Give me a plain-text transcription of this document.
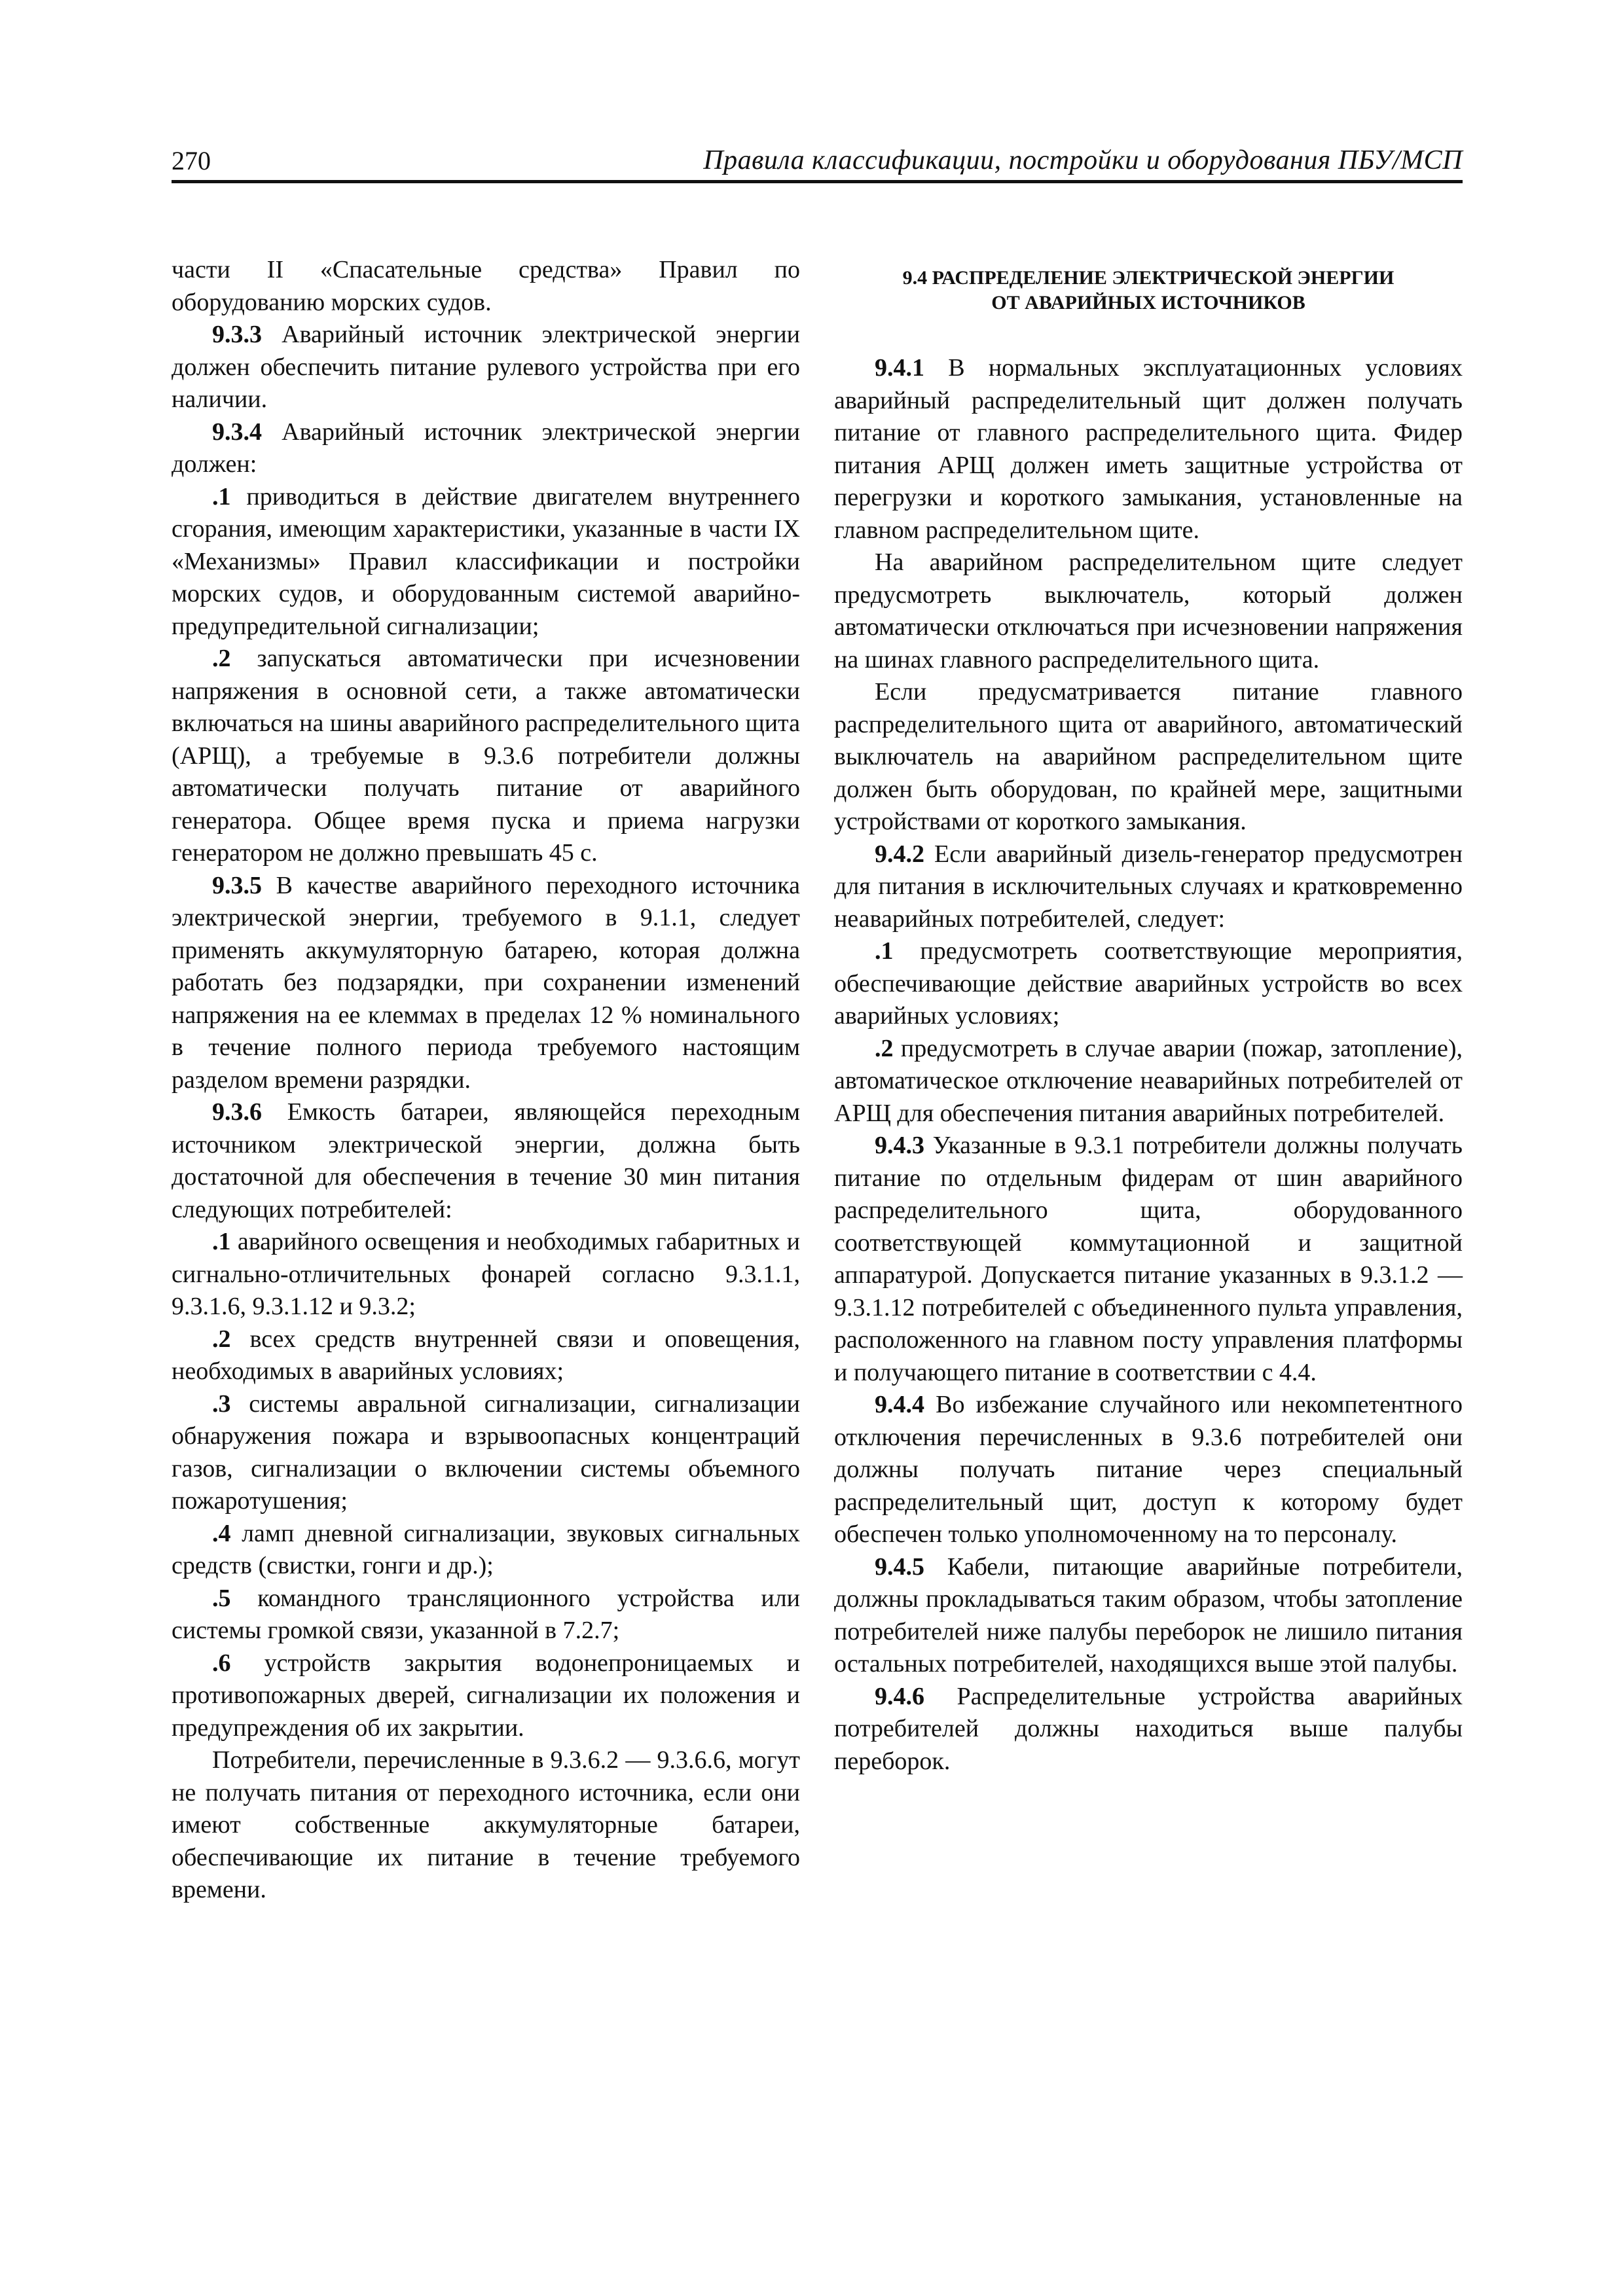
270	Правила классификации, постройки и оборудования ПБУ/МСП

части II «Спасательные средства» Правил по оборудованию морских судов.

9.3.3 Аварийный источник электрической энергии должен обеспечить питание рулевого устройства при его наличии.

9.3.4 Аварийный источник электрической энергии должен:

.1 приводиться в действие двигателем внутреннего сгорания, имеющим характеристики, указанные в части IX «Механизмы» Правил классификации и постройки морских судов, и оборудованным системой аварийно-предупредительной сигнализации;

.2 запускаться автоматически при исчезновении напряжения в основной сети, а также автоматически включаться на шины аварийного распределительного щита (АРЩ), а требуемые в 9.3.6 потребители должны автоматически получать питание от аварийного генератора. Общее время пуска и приема нагрузки генератором не должно превышать 45 с.

9.3.5 В качестве аварийного переходного источника электрической энергии, требуемого в 9.1.1, следует применять аккумуляторную батарею, которая должна работать без подзарядки, при сохранении изменений напряжения на ее клеммах в пределах 12 % номинального в течение полного периода требуемого настоящим разделом времени разрядки.

9.3.6 Емкость батареи, являющейся переходным источником электрической энергии, должна быть достаточной для обеспечения в течение 30 мин питания следующих потребителей:

.1 аварийного освещения и необходимых габаритных и сигнально-отличительных фонарей согласно 9.3.1.1, 9.3.1.6, 9.3.1.12 и 9.3.2;

.2 всех средств внутренней связи и оповещения, необходимых в аварийных условиях;

.3 системы авральной сигнализации, сигнализации обнаружения пожара и взрывоопасных концентраций газов, сигнализации о включении системы объемного пожаротушения;

.4 ламп дневной сигнализации, звуковых сигнальных средств (свистки, гонги и др.);

.5 командного трансляционного устройства или системы громкой связи, указанной в 7.2.7;

.6 устройств закрытия водонепроницаемых и противопожарных дверей, сигнализации их положения и предупреждения об их закрытии.

Потребители, перечисленные в 9.3.6.2 — 9.3.6.6, могут не получать питания от переходного источника, если они имеют собственные аккумуляторные батареи, обеспечивающие их питание в течение требуемого времени.

9.4 РАСПРЕДЕЛЕНИЕ ЭЛЕКТРИЧЕСКОЙ ЭНЕРГИИ
ОТ АВАРИЙНЫХ ИСТОЧНИКОВ

9.4.1 В нормальных эксплуатационных условиях аварийный распределительный щит должен получать питание от главного распределительного щита. Фидер питания АРЩ должен иметь защитные устройства от перегрузки и короткого замыкания, установленные на главном распределительном щите.

На аварийном распределительном щите следует предусмотреть выключатель, который должен автоматически отключаться при исчезновении напряжения на шинах главного распределительного щита.

Если предусматривается питание главного распределительного щита от аварийного, автоматический выключатель на аварийном распределительном щите должен быть оборудован, по крайней мере, защитными устройствами от короткого замыкания.

9.4.2 Если аварийный дизель-генератор предусмотрен для питания в исключительных случаях и кратковременно неаварийных потребителей, следует:

.1 предусмотреть соответствующие мероприятия, обеспечивающие действие аварийных устройств во всех аварийных условиях;

.2 предусмотреть в случае аварии (пожар, затопление), автоматическое отключение неаварийных потребителей от АРЩ для обеспечения питания аварийных потребителей.

9.4.3 Указанные в 9.3.1 потребители должны получать питание по отдельным фидерам от шин аварийного распределительного щита, оборудованного соответствующей коммутационной и защитной аппаратурой. Допускается питание указанных в 9.3.1.2 — 9.3.1.12 потребителей с объединенного пульта управления, расположенного на главном посту управления платформы и получающего питание в соответствии с 4.4.

9.4.4 Во избежание случайного или некомпетентного отключения перечисленных в 9.3.6 потребителей они должны получать питание через специальный распределительный щит, доступ к которому будет обеспечен только уполномоченному на то персоналу.

9.4.5 Кабели, питающие аварийные потребители, должны прокладываться таким образом, чтобы затопление потребителей ниже палубы переборок не лишило питания остальных потребителей, находящихся выше этой палубы.

9.4.6 Распределительные устройства аварийных потребителей должны находиться выше палубы переборок.
